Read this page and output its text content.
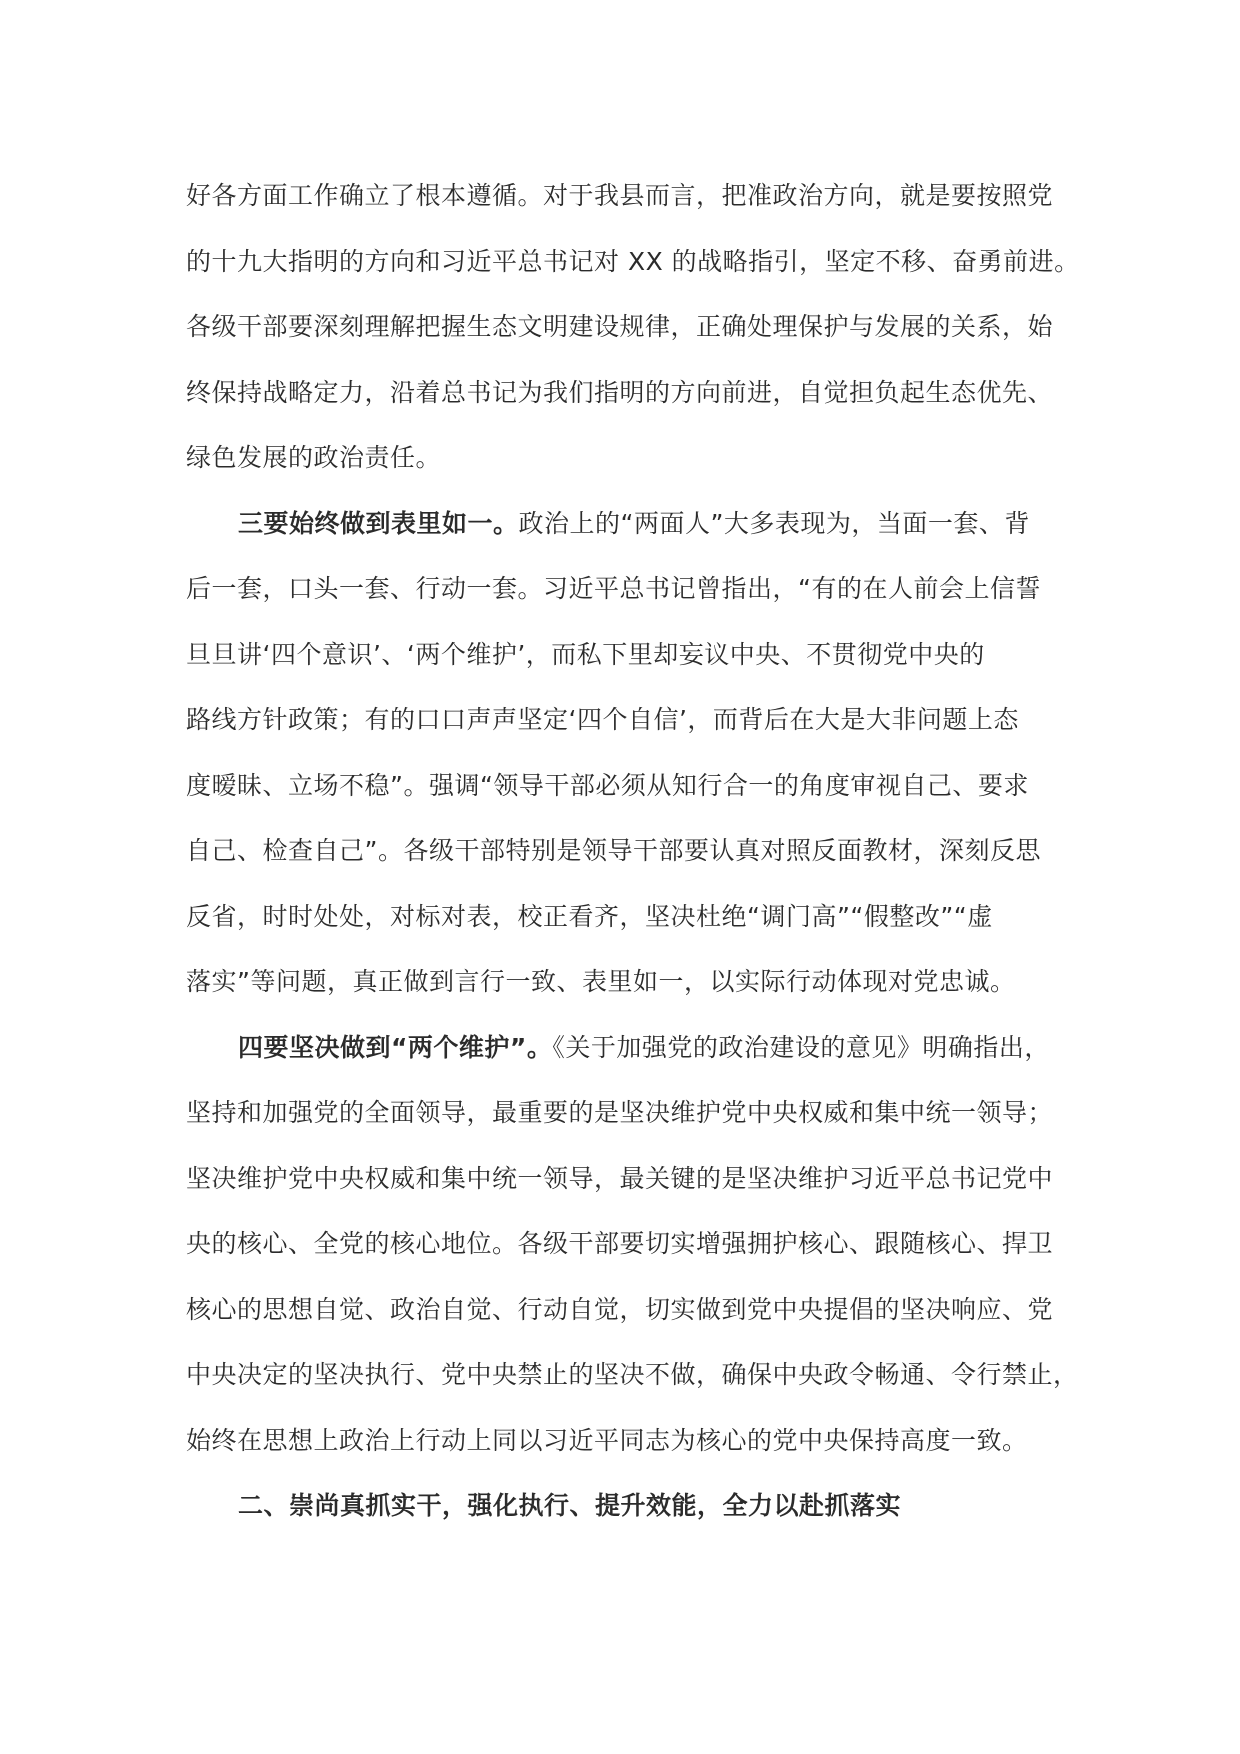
好各方面工作确立了根本遵循。对于我县而言，把准政治方向，就是要按照党
的十九大指明的方向和习近平总书记对 XX 的战略指引，坚定不移、奋勇前进。
各级干部要深刻理解把握生态文明建设规律，正确处理保护与发展的关系，始
终保持战略定力，沿着总书记为我们指明的方向前进，自觉担负起生态优先、
绿色发展的政治责任。
三要始终做到表里如一。政治上的“两面人”大多表现为，当面一套、背
后一套，口头一套、行动一套。习近平总书记曾指出，“有的在人前会上信誓
旦旦讲‘四个意识’、‘两个维护’，而私下里却妄议中央、不贯彻党中央的
路线方针政策；有的口口声声坚定‘四个自信’，而背后在大是大非问题上态
度暧昧、立场不稳”。强调“领导干部必须从知行合一的角度审视自己、要求
自己、检查自己”。各级干部特别是领导干部要认真对照反面教材，深刻反思
反省，时时处处，对标对表，校正看齐，坚决杜绝“调门高”“假整改”“虚
落实”等问题，真正做到言行一致、表里如一，以实际行动体现对党忠诚。
四要坚决做到“两个维护”。《关于加强党的政治建设的意见》明确指出，
坚持和加强党的全面领导，最重要的是坚决维护党中央权威和集中统一领导；
坚决维护党中央权威和集中统一领导，最关键的是坚决维护习近平总书记党中
央的核心、全党的核心地位。各级干部要切实增强拥护核心、跟随核心、捍卫
核心的思想自觉、政治自觉、行动自觉，切实做到党中央提倡的坚决响应、党
中央决定的坚决执行、党中央禁止的坚决不做，确保中央政令畅通、令行禁止，
始终在思想上政治上行动上同以习近平同志为核心的党中央保持高度一致。
二、崇尚真抓实干，强化执行、提升效能，全力以赴抓落实
